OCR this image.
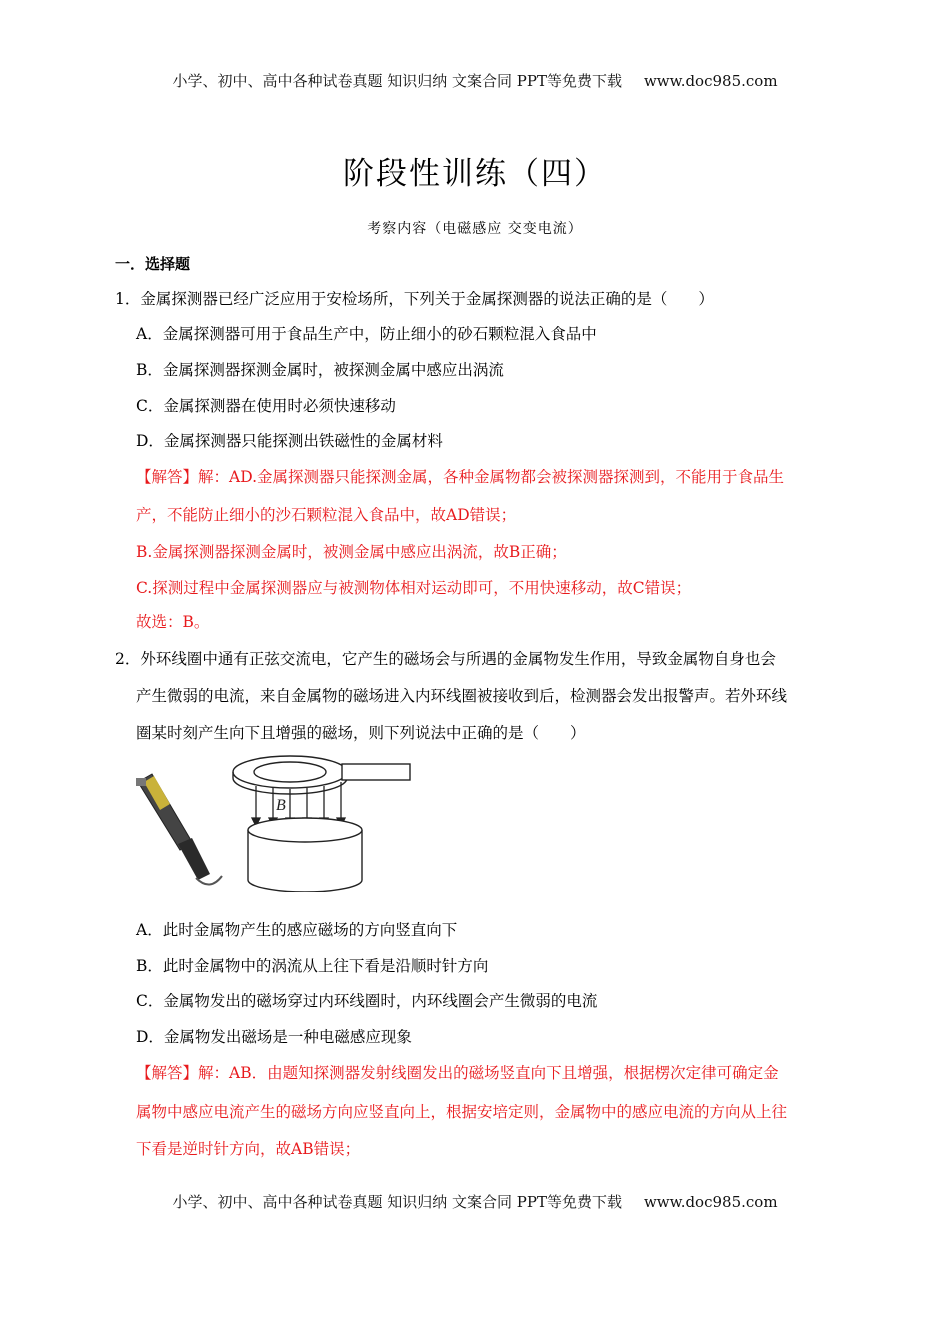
小学、初中、高中各种试卷真题 知识归纳 文案合同 PPT等免费下载 www.doc985.com
阶段性训练（四）
考察内容（电磁感应 交变电流）
一．选择题
1．金属探测器已经广泛应用于安检场所，下列关于金属探测器的说法正确的是（　　）
A．金属探测器可用于食品生产中，防止细小的砂石颗粒混入食品中
B．金属探测器探测金属时，被探测金属中感应出涡流
C．金属探测器在使用时必须快速移动
D．金属探测器只能探测出铁磁性的金属材料
【解答】解：AD.金属探测器只能探测金属，各种金属物都会被探测器探测到，不能用于食品生
产，不能防止细小的沙石颗粒混入食品中，故AD错误；
B.金属探测器探测金属时，被测金属中感应出涡流，故B正确；
C.探测过程中金属探测器应与被测物体相对运动即可，不用快速移动，故C错误；
故选：B。
2．外环线圈中通有正弦交流电，它产生的磁场会与所遇的金属物发生作用，导致金属物自身也会
产生微弱的电流，来自金属物的磁场进入内环线圈被接收到后，检测器会发出报警声。若外环线
圈某时刻产生向下且增强的磁场，则下列说法中正确的是（　　）
B
A．此时金属物产生的感应磁场的方向竖直向下
B．此时金属物中的涡流从上往下看是沿顺时针方向
C．金属物发出的磁场穿过内环线圈时，内环线圈会产生微弱的电流
D．金属物发出磁场是一种电磁感应现象
【解答】解：AB．由题知探测器发射线圈发出的磁场竖直向下且增强，根据楞次定律可确定金
属物中感应电流产生的磁场方向应竖直向上，根据安培定则，金属物中的感应电流的方向从上往
下看是逆时针方向，故AB错误；
小学、初中、高中各种试卷真题 知识归纳 文案合同 PPT等免费下载 www.doc985.com
